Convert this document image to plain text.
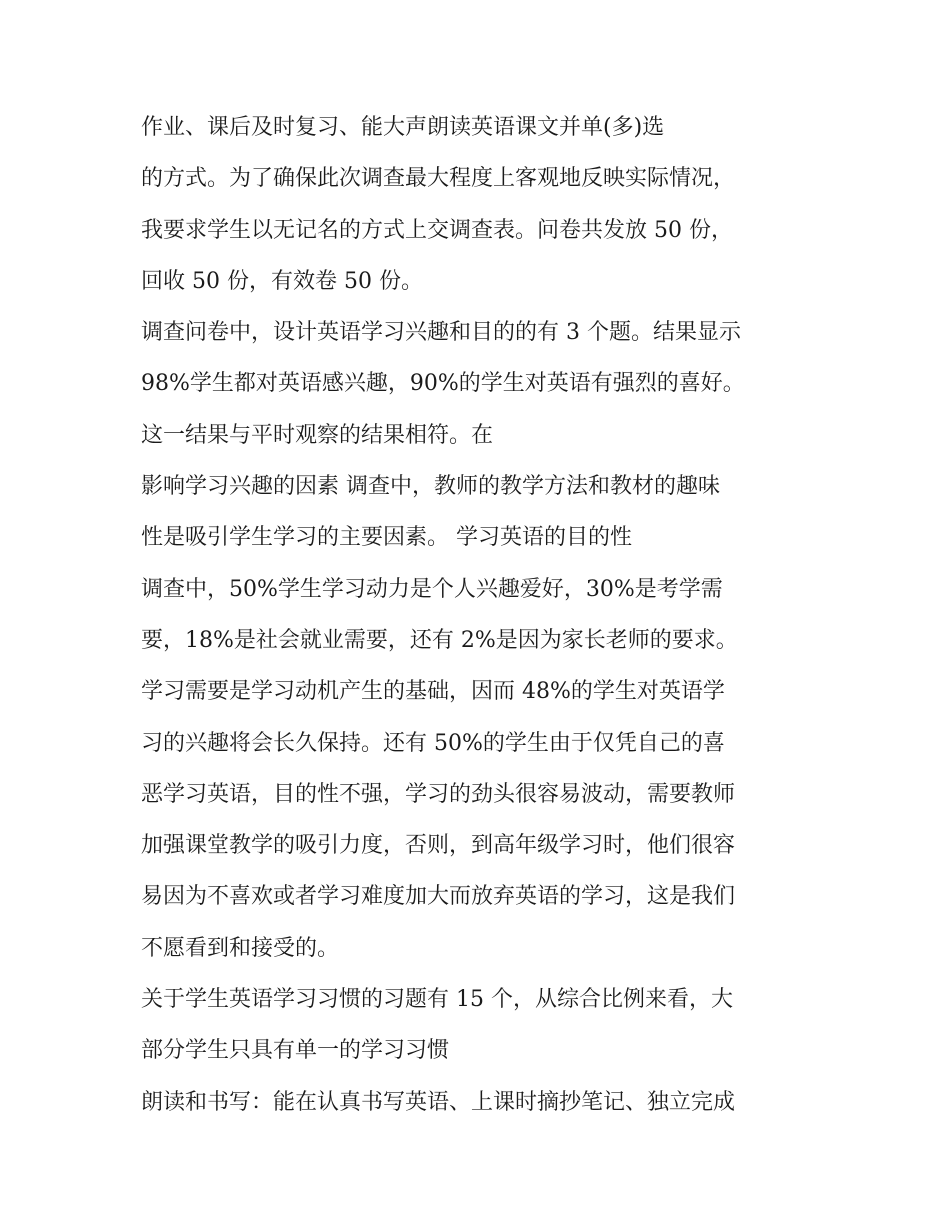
作业、课后及时复习、能大声朗读英语课文并单(多)选
的方式。为了确保此次调查最大程度上客观地反映实际情况，
我要求学生以无记名的方式上交调查表。问卷共发放 50 份，
回收 50 份，有效卷 50 份。
调查问卷中，设计英语学习兴趣和目的的有 3 个题。结果显示
98%学生都对英语感兴趣，90%的学生对英语有强烈的喜好。
这一结果与平时观察的结果相符。在
影响学习兴趣的因素 调查中，教师的教学方法和教材的趣味
性是吸引学生学习的主要因素。 学习英语的目的性
调查中，50%学生学习动力是个人兴趣爱好，30%是考学需
要，18%是社会就业需要，还有 2%是因为家长老师的要求。
学习需要是学习动机产生的基础，因而 48%的学生对英语学
习的兴趣将会长久保持。还有 50%的学生由于仅凭自己的喜
恶学习英语，目的性不强，学习的劲头很容易波动，需要教师
加强课堂教学的吸引力度，否则，到高年级学习时，他们很容
易因为不喜欢或者学习难度加大而放弃英语的学习，这是我们
不愿看到和接受的。
关于学生英语学习习惯的习题有 15 个，从综合比例来看，大
部分学生只具有单一的学习习惯
朗读和书写：能在认真书写英语、上课时摘抄笔记、独立完成
